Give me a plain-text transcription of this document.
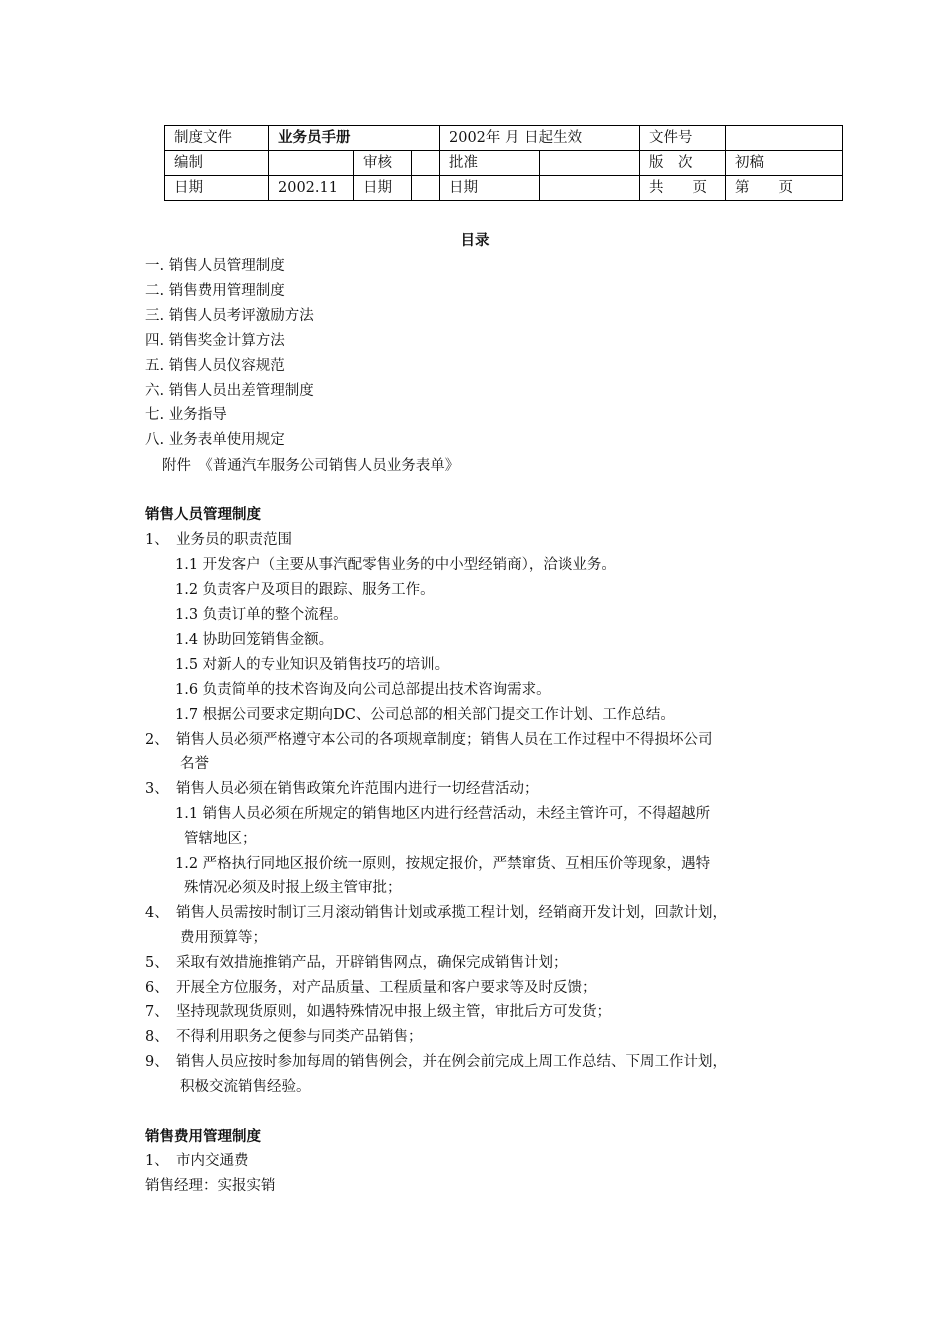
制度文件	业务员手册			2002年 月 日起生效		文件号	
编制		审核		批准		版　次	初稿
日期	2002.11	日期		日期		共　　页	第　　页
目录
一. 销售人员管理制度
二. 销售费用管理制度
三. 销售人员考评激励方法
四. 销售奖金计算方法
五. 销售人员仪容规范
六. 销售人员出差管理制度
七. 业务指导
八. 业务表单使用规定
附件　《普通汽车服务公司销售人员业务表单》
销售人员管理制度
1、　业务员的职责范围
1.1 开发客户（主要从事汽配零售业务的中小型经销商），洽谈业务。
1.2 负责客户及项目的跟踪、服务工作。
1.3 负责订单的整个流程。
1.4 协助回笼销售金额。
1.5 对新人的专业知识及销售技巧的培训。
1.6 负责简单的技术咨询及向公司总部提出技术咨询需求。
1.7 根据公司要求定期向DC、公司总部的相关部门提交工作计划、工作总结。
2、　销售人员必须严格遵守本公司的各项规章制度；销售人员在工作过程中不得损坏公司
名誉
3、　销售人员必须在销售政策允许范围内进行一切经营活动；
1.1 销售人员必须在所规定的销售地区内进行经营活动，未经主管许可，不得超越所
管辖地区；
1.2 严格执行同地区报价统一原则，按规定报价，严禁窜货、互相压价等现象，遇特
殊情况必须及时报上级主管审批；
4、　销售人员需按时制订三月滚动销售计划或承揽工程计划，经销商开发计划，回款计划，
费用预算等；
5、　采取有效措施推销产品，开辟销售网点，确保完成销售计划；
6、　开展全方位服务，对产品质量、工程质量和客户要求等及时反馈；
7、　坚持现款现货原则，如遇特殊情况申报上级主管，审批后方可发货；
8、　不得利用职务之便参与同类产品销售；
9、　销售人员应按时参加每周的销售例会，并在例会前完成上周工作总结、下周工作计划，
积极交流销售经验。
销售费用管理制度
1、　市内交通费
销售经理：实报实销
